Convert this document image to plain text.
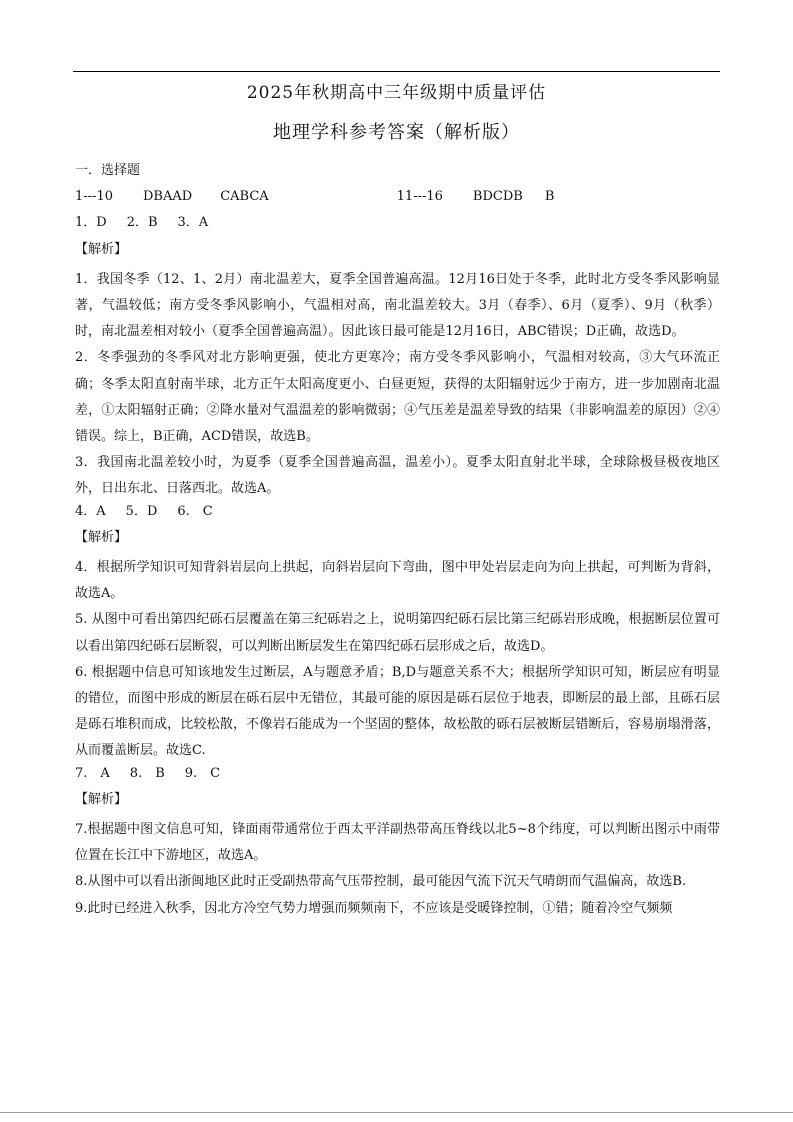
2025年秋期高中三年级期中质量评估
地理学科参考答案（解析版）
一．选择题
1---10 DBAAD CABCA	11---16 BDCDB B
1．D 2．B 3．A
【解析】
1．我国冬季（12、1、2月）南北温差大，夏季全国普遍高温。12月16日处于冬季，此时北方受冬季风影响显著，气温较低；南方受冬季风影响小，气温相对高，南北温差较大。3月（春季）、6月（夏季）、9月（秋季）时，南北温差相对较小（夏季全国普遍高温）。因此该日最可能是12月16日，ABC错误；D正确，故选D。
2．冬季强劲的冬季风对北方影响更强，使北方更寒冷；南方受冬季风影响小，气温相对较高，③大气环流正确；冬季太阳直射南半球，北方正午太阳高度更小、白昼更短，获得的太阳辐射远少于南方，进一步加剧南北温差，①太阳辐射正确；②降水量对气温温差的影响微弱；④气压差是温差导致的结果（非影响温差的原因）②④错误。综上，B正确，ACD错误，故选B。
3．我国南北温差较小时，为夏季（夏季全国普遍高温，温差小）。夏季太阳直射北半球，全球除极昼极夜地区外，日出东北、日落西北。故选A。
4．A 5．D 6.　C
【解析】
4．根据所学知识可知背斜岩层向上拱起，向斜岩层向下弯曲，图中甲处岩层走向为向上拱起，可判断为背斜，故选A。
5. 从图中可看出第四纪砾石层覆盖在第三纪砾岩之上，说明第四纪砾石层比第三纪砾岩形成晚，根据断层位置可以看出第四纪砾石层断裂，可以判断出断层发生在第四纪砾石层形成之后，故选D。
6. 根据题中信息可知该地发生过断层，A与题意矛盾；B,D与题意关系不大；根据所学知识可知，断层应有明显的错位，而图中形成的断层在砾石层中无错位，其最可能的原因是砾石层位于地表，即断层的最上部，且砾石层是砾石堆积而成，比较松散，不像岩石能成为一个坚固的整体，故松散的砾石层被断层错断后，容易崩塌滑落，从而覆盖断层。故选C.
7.　A 8.　B 9.　C
【解析】
7.根据题中图文信息可知，锋面雨带通常位于西太平洋副热带高压脊线以北5~8个纬度，可以判断出图示中雨带位置在长江中下游地区，故选A。
8.从图中可以看出浙闽地区此时正受副热带高气压带控制，最可能因气流下沉天气晴朗而气温偏高，故选B.
9.此时已经进入秋季，因北方冷空气势力增强而频频南下，不应该是受暖锋控制，①错；随着冷空气频频
